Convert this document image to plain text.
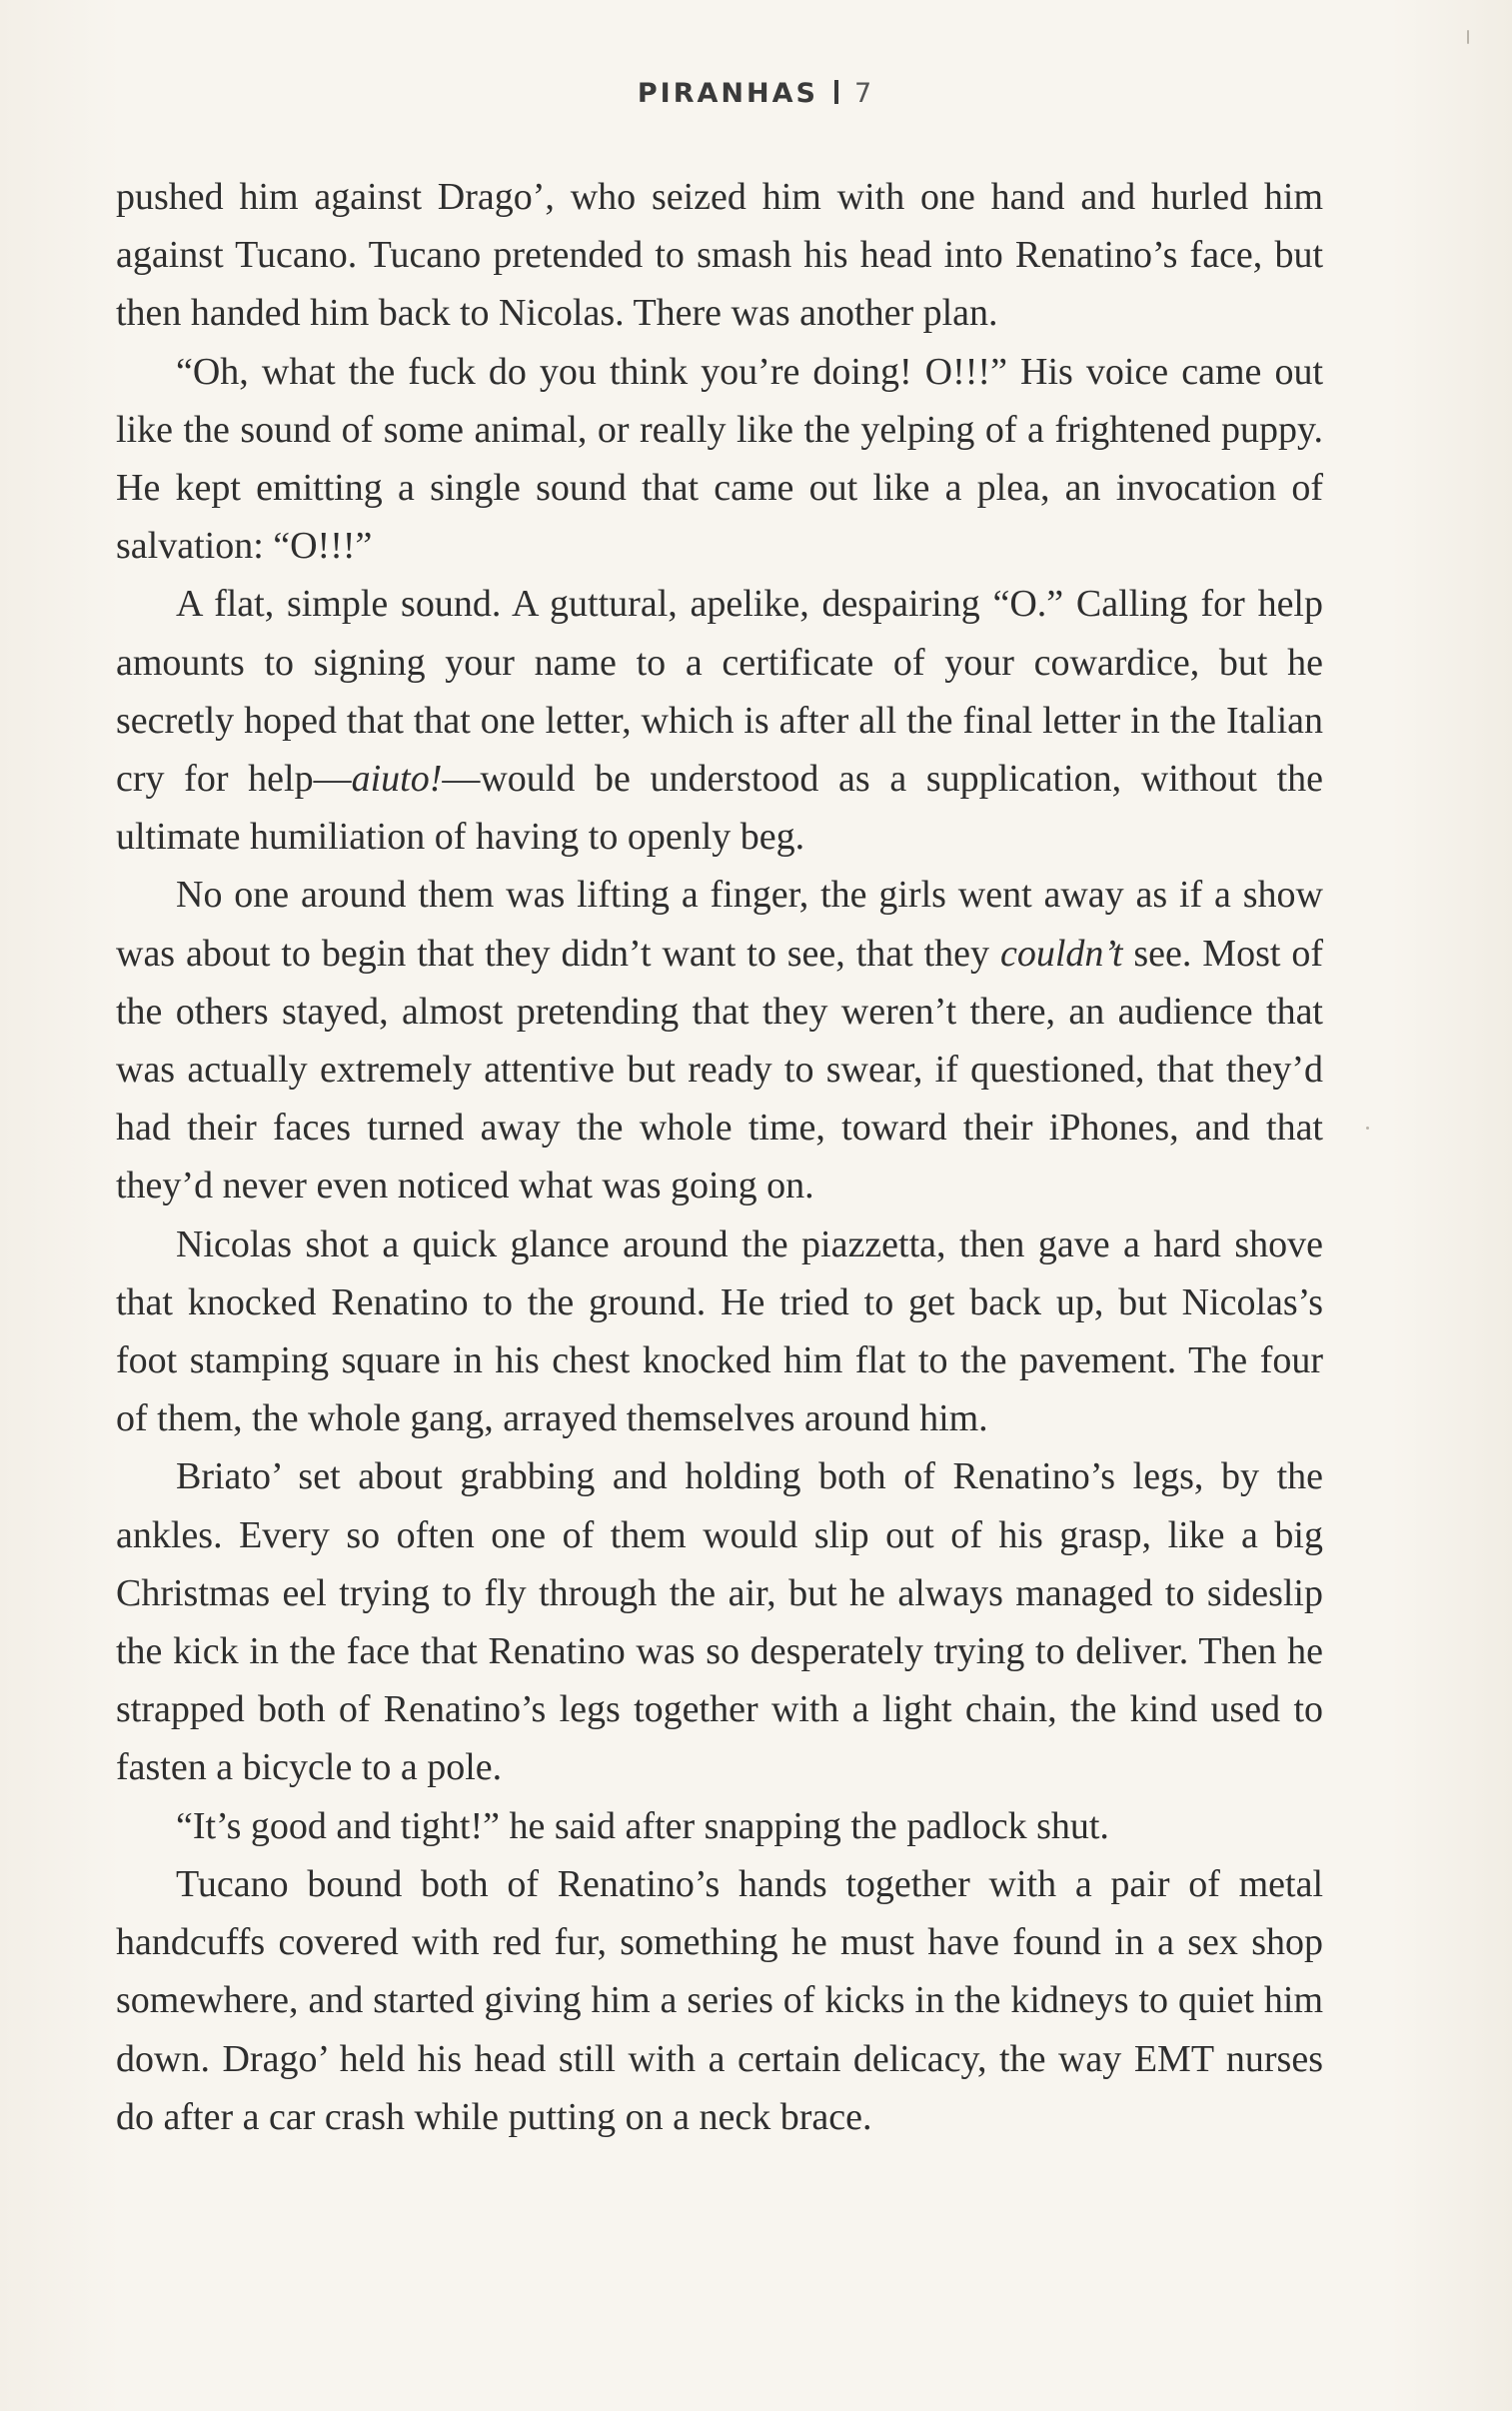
PIRANHAS 7

pushed him against Drago’, who seized him with one hand and hurled him against Tucano. Tucano pretended to smash his head into Renatino’s face, but then handed him back to Nicolas. There was another plan.

“Oh, what the fuck do you think you’re doing! O!!!” His voice came out like the sound of some animal, or really like the yelping of a frightened puppy. He kept emitting a single sound that came out like a plea, an invocation of salvation: “O!!!”

A flat, simple sound. A guttural, apelike, despairing “O.” Calling for help amounts to signing your name to a certificate of your cowardice, but he secretly hoped that that one letter, which is after all the final letter in the Italian cry for help—aiuto!—would be understood as a supplication, without the ultimate humiliation of having to openly beg.

No one around them was lifting a finger, the girls went away as if a show was about to begin that they didn’t want to see, that they couldn’t see. Most of the others stayed, almost pretending that they weren’t there, an audience that was actually extremely attentive but ready to swear, if questioned, that they’d had their faces turned away the whole time, toward their iPhones, and that they’d never even noticed what was going on.

Nicolas shot a quick glance around the piazzetta, then gave a hard shove that knocked Renatino to the ground. He tried to get back up, but Nicolas’s foot stamping square in his chest knocked him flat to the pavement. The four of them, the whole gang, arrayed themselves around him.

Briato’ set about grabbing and holding both of Renatino’s legs, by the ankles. Every so often one of them would slip out of his grasp, like a big Christmas eel trying to fly through the air, but he always managed to sideslip the kick in the face that Renatino was so desperately trying to deliver. Then he strapped both of Renatino’s legs together with a light chain, the kind used to fasten a bicycle to a pole.

“It’s good and tight!” he said after snapping the padlock shut.

Tucano bound both of Renatino’s hands together with a pair of metal handcuffs covered with red fur, something he must have found in a sex shop somewhere, and started giving him a series of kicks in the kidneys to quiet him down. Drago’ held his head still with a certain delicacy, the way EMT nurses do after a car crash while putting on a neck brace.
